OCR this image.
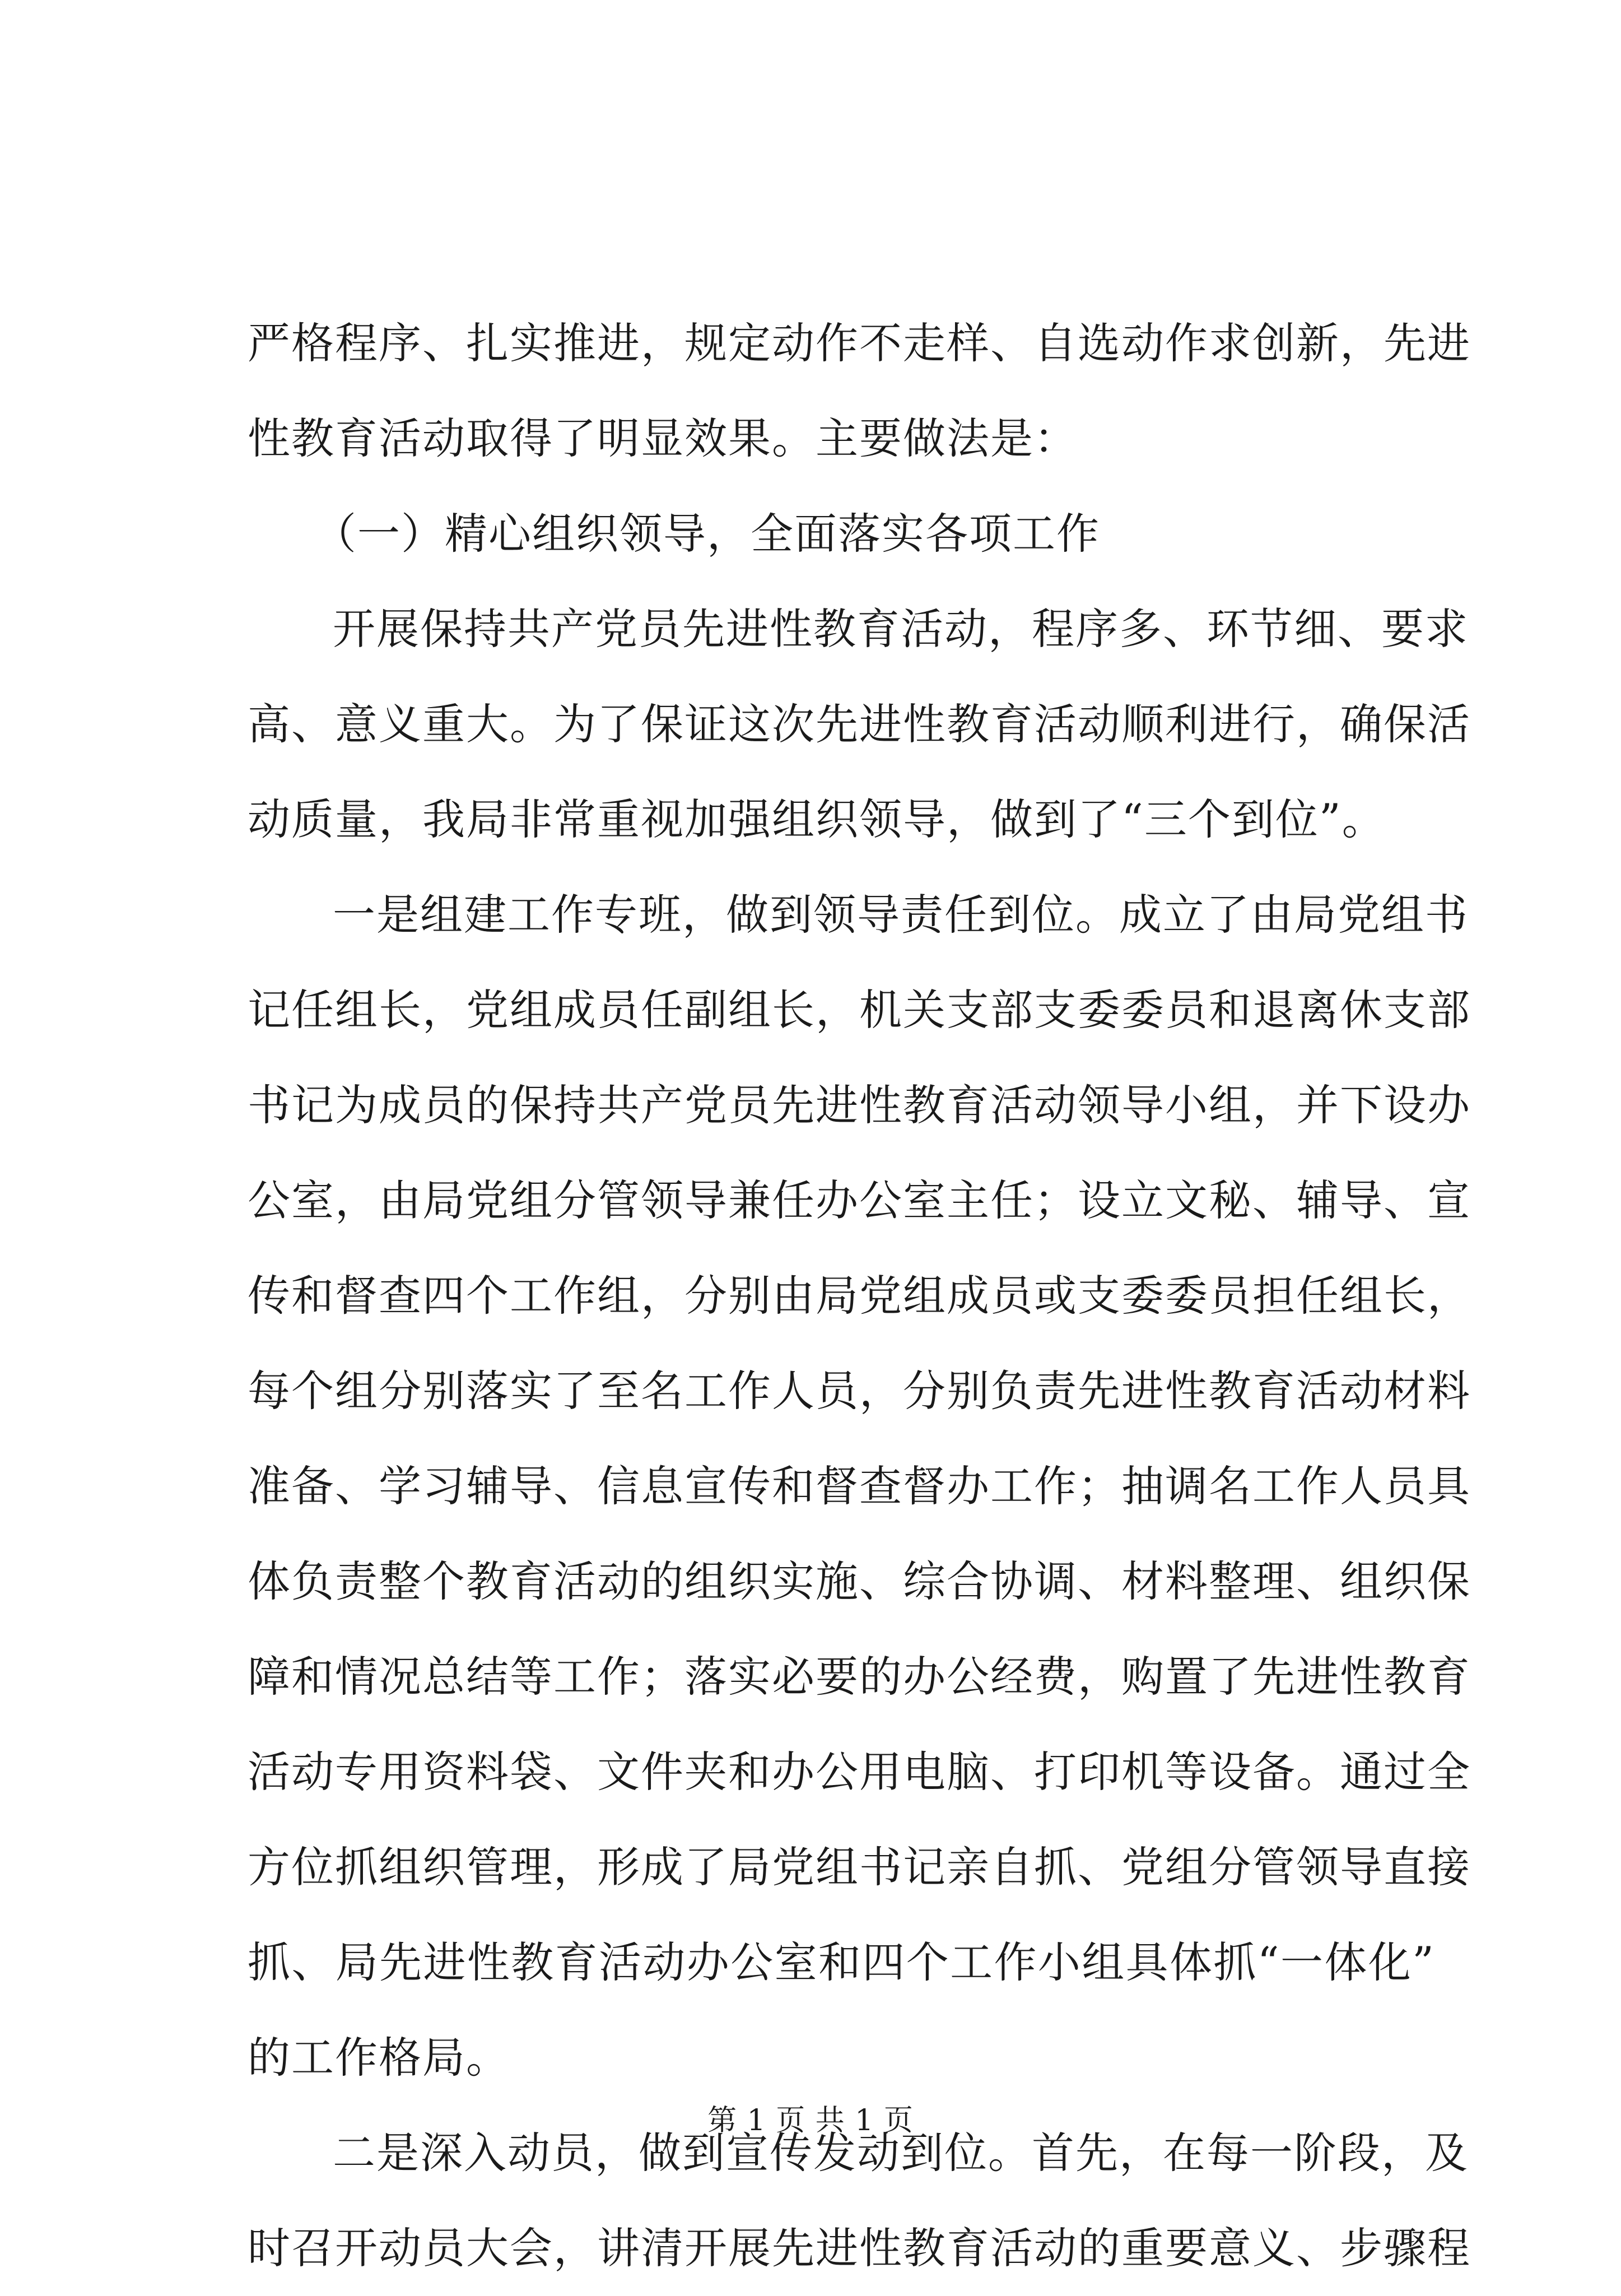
严格程序、扎实推进，规定动作不走样、自选动作求创新，先进
性教育活动取得了明显效果。主要做法是：
（一）精心组织领导，全面落实各项工作
开展保持共产党员先进性教育活动，程序多、环节细、要求
高、意义重大。为了保证这次先进性教育活动顺利进行，确保活
动质量，我局非常重视加强组织领导，做到了“三个到位”。
一是组建工作专班，做到领导责任到位。成立了由局党组书
记任组长，党组成员任副组长，机关支部支委委员和退离休支部
书记为成员的保持共产党员先进性教育活动领导小组，并下设办
公室，由局党组分管领导兼任办公室主任；设立文秘、辅导、宣
传和督查四个工作组，分别由局党组成员或支委委员担任组长，
每个组分别落实了至名工作人员，分别负责先进性教育活动材料
准备、学习辅导、信息宣传和督查督办工作；抽调名工作人员具
体负责整个教育活动的组织实施、综合协调、材料整理、组织保
障和情况总结等工作；落实必要的办公经费，购置了先进性教育
活动专用资料袋、文件夹和办公用电脑、打印机等设备。通过全
方位抓组织管理，形成了局党组书记亲自抓、党组分管领导直接
抓、局先进性教育活动办公室和四个工作小组具体抓“一体化”
的工作格局。
二是深入动员，做到宣传发动到位。首先，在每一阶段，及
时召开动员大会，讲清开展先进性教育活动的重要意义、步骤程
第 1 页 共 1 页
